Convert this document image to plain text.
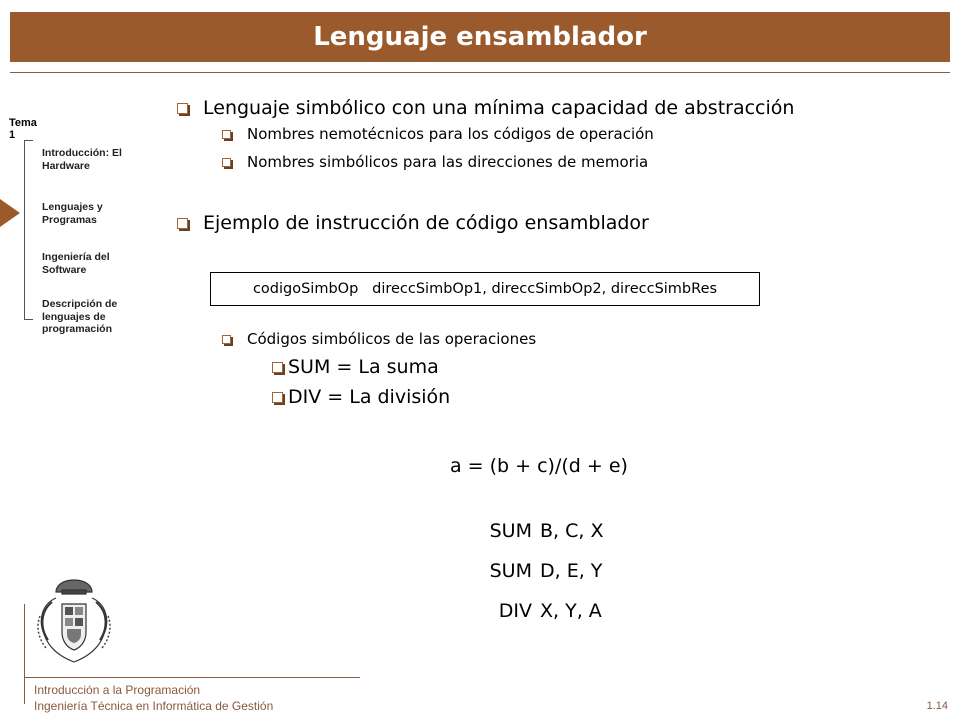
Lenguaje ensamblador
Tema 1
Introducción: El Hardware
Lenguajes y Programas
Ingeniería del Software
Descripción de lenguajes de programación
Lenguaje simbólico con una mínima capacidad de abstracción
Nombres nemotécnicos para los códigos de operación
Nombres simbólicos para las direcciones de memoria
Ejemplo de instrucción de código ensamblador
codigoSimbOp   direccSimbOp1, direccSimbOp2, direccSimbRes
Códigos simbólicos de las operaciones
SUM = La suma
DIV = La división
a = (b + c)/(d + e)
SUM B, C, X
SUM D, E, Y
DIV X, Y, A
Introducción a la Programación
Ingeniería Técnica en Informática de Gestión	1.14
